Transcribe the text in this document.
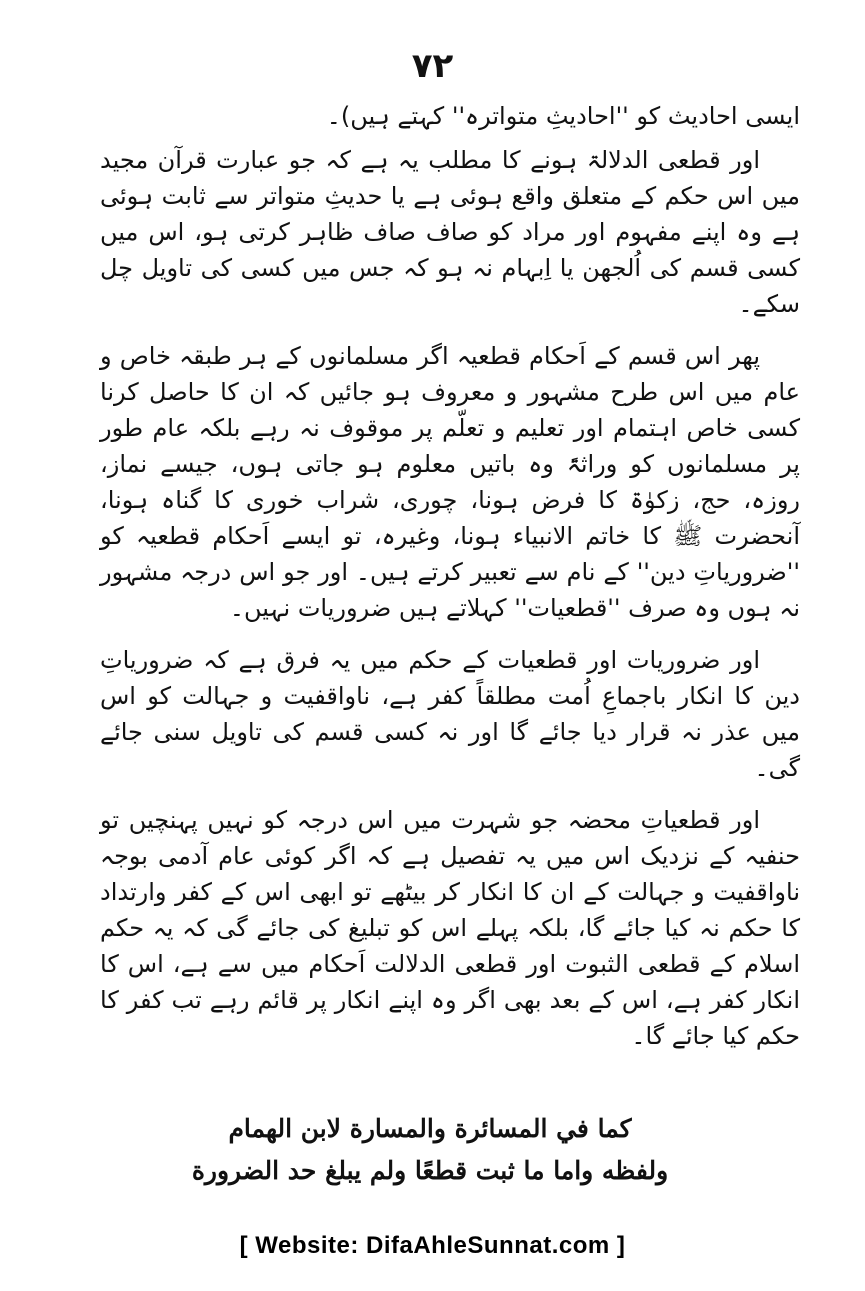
۷۲

ایسی احادیث کو ''احادیثِ متواترہ'' کہتے ہیں)۔

اور قطعی الدلالۃ ہونے کا مطلب یہ ہے کہ جو عبارت قرآن مجید میں اس حکم کے متعلق واقع ہوئی ہے یا حدیثِ متواتر سے ثابت ہوئی ہے وہ اپنے مفہوم اور مراد کو صاف صاف ظاہر کرتی ہو، اس میں کسی قسم کی اُلجھن یا اِبہام نہ ہو کہ جس میں کسی کی تاویل چل سکے۔

پھر اس قسم کے اَحکام قطعیہ اگر مسلمانوں کے ہر طبقہ خاص و عام میں اس طرح مشہور و معروف ہو جائیں کہ ان کا حاصل کرنا کسی خاص اہتمام اور تعلیم و تعلّم پر موقوف نہ رہے بلکہ عام طور پر مسلمانوں کو وراثۃً وہ باتیں معلوم ہو جاتی ہوں، جیسے نماز، روزہ، حج، زکوٰۃ کا فرض ہونا، چوری، شراب خوری کا گناہ ہونا، آنحضرت ﷺ کا خاتم الانبیاء ہونا، وغیرہ، تو ایسے اَحکام قطعیہ کو ''ضروریاتِ دین'' کے نام سے تعبیر کرتے ہیں۔ اور جو اس درجہ مشہور نہ ہوں وہ صرف ''قطعیات'' کہلاتے ہیں ضروریات نہیں۔

اور ضروریات اور قطعیات کے حکم میں یہ فرق ہے کہ ضروریاتِ دین کا انکار باجماعِ اُمت مطلقاً کفر ہے، ناواقفیت و جہالت کو اس میں عذر نہ قرار دیا جائے گا اور نہ کسی قسم کی تاویل سنی جائے گی۔

اور قطعیاتِ محضہ جو شہرت میں اس درجہ کو نہیں پہنچیں تو حنفیہ کے نزدیک اس میں یہ تفصیل ہے کہ اگر کوئی عام آدمی بوجہ ناواقفیت و جہالت کے ان کا انکار کر بیٹھے تو ابھی اس کے کفر وارتداد کا حکم نہ کیا جائے گا، بلکہ پہلے اس کو تبلیغ کی جائے گی کہ یہ حکم اسلام کے قطعی الثبوت اور قطعی الدلالت اَحکام میں سے ہے، اس کا انکار کفر ہے، اس کے بعد بھی اگر وہ اپنے انکار پر قائم رہے تب کفر کا حکم کیا جائے گا۔

كما في المسائرة والمسارة لابن الهمام
ولفظه واما ما ثبت قطعًا ولم يبلغ حد الضرورة
[ Website: DifaAhleSunnat.com ]
